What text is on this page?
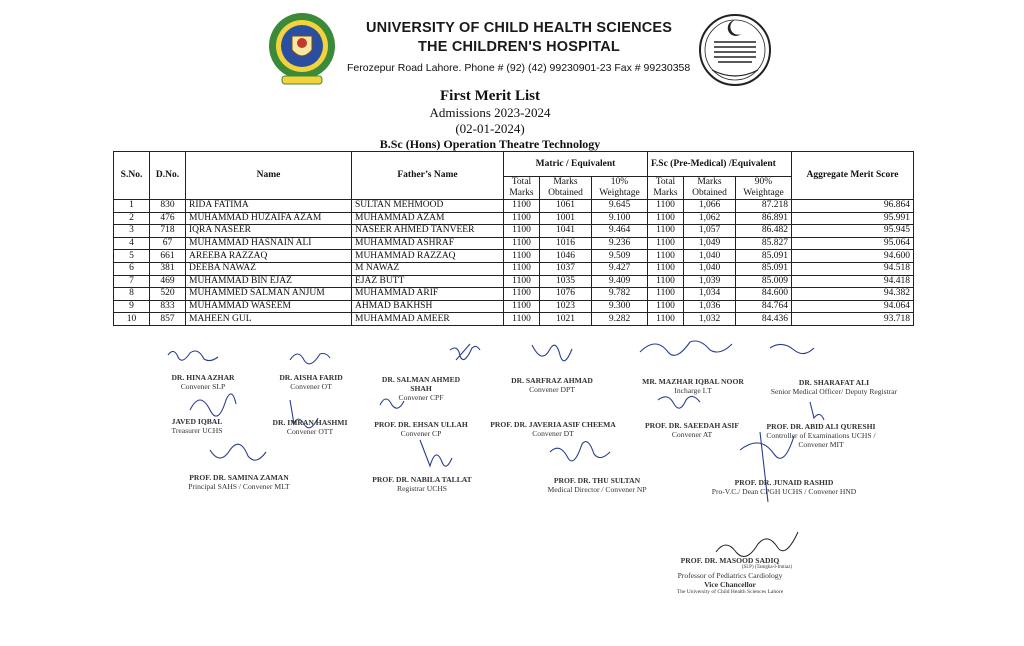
UNIVERSITY OF CHILD HEALTH SCIENCES
THE CHILDREN'S HOSPITAL
Ferozepur Road Lahore. Phone # (92) (42) 99230901-23 Fax # 99230358
First Merit List
Admissions 2023-2024
(02-01-2024)
B.Sc (Hons) Operation Theatre Technology
S.No.	D.No.	Name	Father’s Name	Matric / Equivalent			F.Sc (Pre-Medical) /Equivalent			Aggregate Merit Score
				Total Marks	Marks Obtained	10% Weightage	Total Marks	Marks Obtained	90% Weightage	
1	830	RIDA FATIMA	SULTAN MEHMOOD	1100	1061	9.645	1100	1,066	87.218	96.864
2	476	MUHAMMAD HUZAIFA AZAM	MUHAMMAD AZAM	1100	1001	9.100	1100	1,062	86.891	95.991
3	718	IQRA NASEER	NASEER AHMED TANVEER	1100	1041	9.464	1100	1,057	86.482	95.945
4	67	MUHAMMAD HASNAIN ALI	MUHAMMAD ASHRAF	1100	1016	9.236	1100	1,049	85.827	95.064
5	661	AREEBA RAZZAQ	MUHAMMAD RAZZAQ	1100	1046	9.509	1100	1,040	85.091	94.600
6	381	DEEBA NAWAZ	M NAWAZ	1100	1037	9.427	1100	1,040	85.091	94.518
7	469	MUHAMMAD BIN EJAZ	EJAZ BUTT	1100	1035	9.409	1100	1,039	85.009	94.418
8	520	MUHAMMED SALMAN ANJUM	MUHAMMAD ARIF	1100	1076	9.782	1100	1,034	84.600	94.382
9	833	MUHAMMAD WASEEM	AHMAD BAKHSH	1100	1023	9.300	1100	1,036	84.764	94.064
10	857	MAHEEN GUL	MUHAMMAD AMEER	1100	1021	9.282	1100	1,032	84.436	93.718
DR. HINA AZHAR
Convener SLP
DR. AISHA FARID
Convener OT
DR. SALMAN AHMED SHAH
Convener CPF
DR. SARFRAZ AHMAD
Convener DPT
MR. MAZHAR IQBAL NOOR
Incharge I.T
DR. SHARAFAT ALI
Senior Medical Officer/ Deputy Registrar
JAVED IQBAL
Treasurer UCHS
DR. IMRAN HASHMI
Convener OTT
PROF. DR. EHSAN ULLAH
Convener CP
PROF. DR. JAVERIA ASIF CHEEMA
Convener DT
PROF. DR. SAEEDAH ASIF
Convener AT
PROF. DR. ABID ALI QURESHI
Controller of Examinations UCHS / Convener MIT
PROF. DR. SAMINA ZAMAN
Principal SAHS / Convener MLT
PROF. DR. NABILA TALLAT
Registrar UCHS
PROF. DR. THU SULTAN
Medical Director / Convener NP
PROF. DR. JUNAID RASHID
Pro-V.C./ Dean CPGH UCHS / Convener HND
PROF. DR. MASOOD SADIQ
(SI.P) (Tamgha-I-Imtiaz)
Professor of Pediatrics Cardiology
Vice Chancellor
The University of Child Health Sciences Lahore
